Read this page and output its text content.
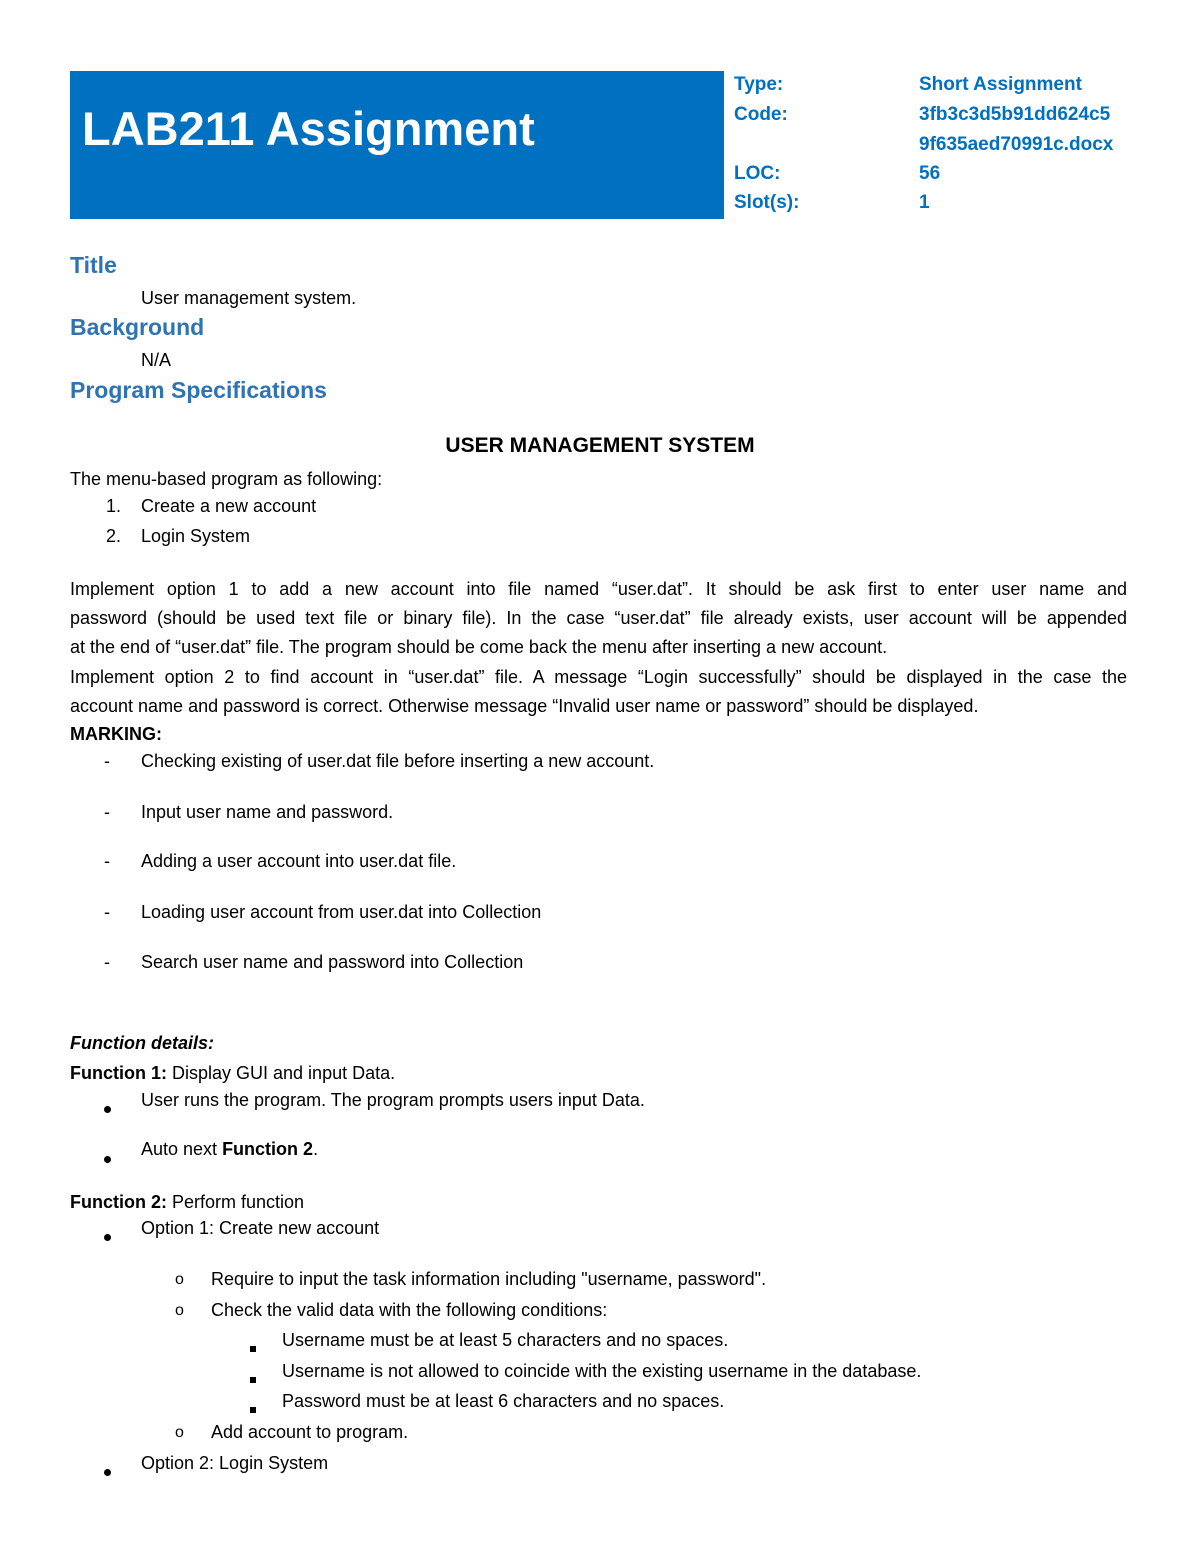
LAB211 Assignment
Type:	Short Assignment
Code:	3fb3c3d5b91dd624c5
9f635aed70991c.docx
LOC:	56
Slot(s):	1
Title
User management system.
Background
N/A
Program Specifications
USER MANAGEMENT SYSTEM
The menu-based program as following:
1. Create a new account
2. Login System
Implement option 1 to add a new account into file named “user.dat”. It should be ask first to enter user name and
password (should be used text file or binary file). In the case “user.dat” file already exists, user account will be appended
at the end of “user.dat” file. The program should be come back the menu after inserting a new account.
Implement option 2 to find account in “user.dat” file. A message “Login successfully” should be displayed in the case the
account name and password is correct. Otherwise message “Invalid user name or password” should be displayed.
MARKING:
- Checking existing of user.dat file before inserting a new account.
- Input user name and password.
- Adding a user account into user.dat file.
- Loading user account from user.dat into Collection
- Search user name and password into Collection
Function details:
Function 1: Display GUI and input Data.
User runs the program. The program prompts users input Data.
Auto next Function 2.
Function 2: Perform function
Option 1: Create new account
o Require to input the task information including "username, password".
o Check the valid data with the following conditions:
Username must be at least 5 characters and no spaces.
Username is not allowed to coincide with the existing username in the database.
Password must be at least 6 characters and no spaces.
o Add account to program.
Option 2: Login System
